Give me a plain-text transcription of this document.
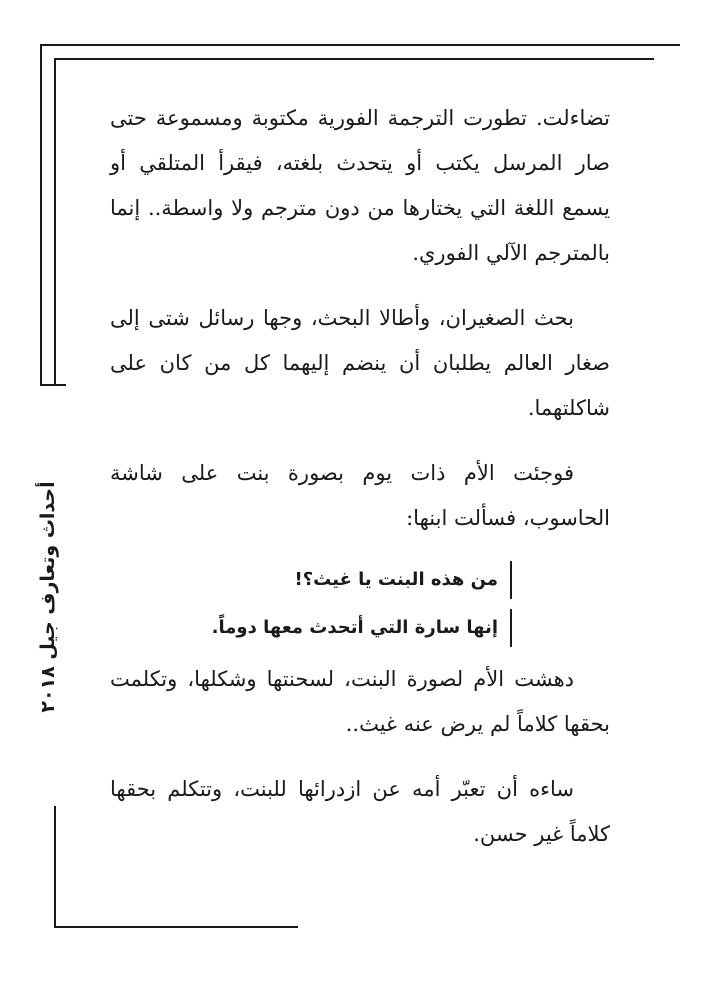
أحداث وتعارف جيل ٢٠١٨

تضاءلت. تطورت الترجمة الفورية مكتوبة ومسموعة حتى صار المرسل يكتب أو يتحدث بلغته، فيقرأ المتلقي أو يسمع اللغة التي يختارها من دون مترجم ولا واسطة.. إنما بالمترجم الآلي الفوري.

بحث الصغيران، وأطالا البحث، وجها رسائل شتى إلى صغار العالم يطلبان أن ينضم إليهما كل من كان على شاكلتهما.

فوجئت الأم ذات يوم بصورة بنت على شاشة الحاسوب، فسألت ابنها:

من هذه البنت يا غيث؟!
إنها سارة التي أتحدث معها دوماً.

دهشت الأم لصورة البنت، لسحنتها وشكلها، وتكلمت بحقها كلاماً لم يرض عنه غيث..

ساءه أن تعبّر أمه عن ازدرائها للبنت، وتتكلم بحقها كلاماً غير حسن.
